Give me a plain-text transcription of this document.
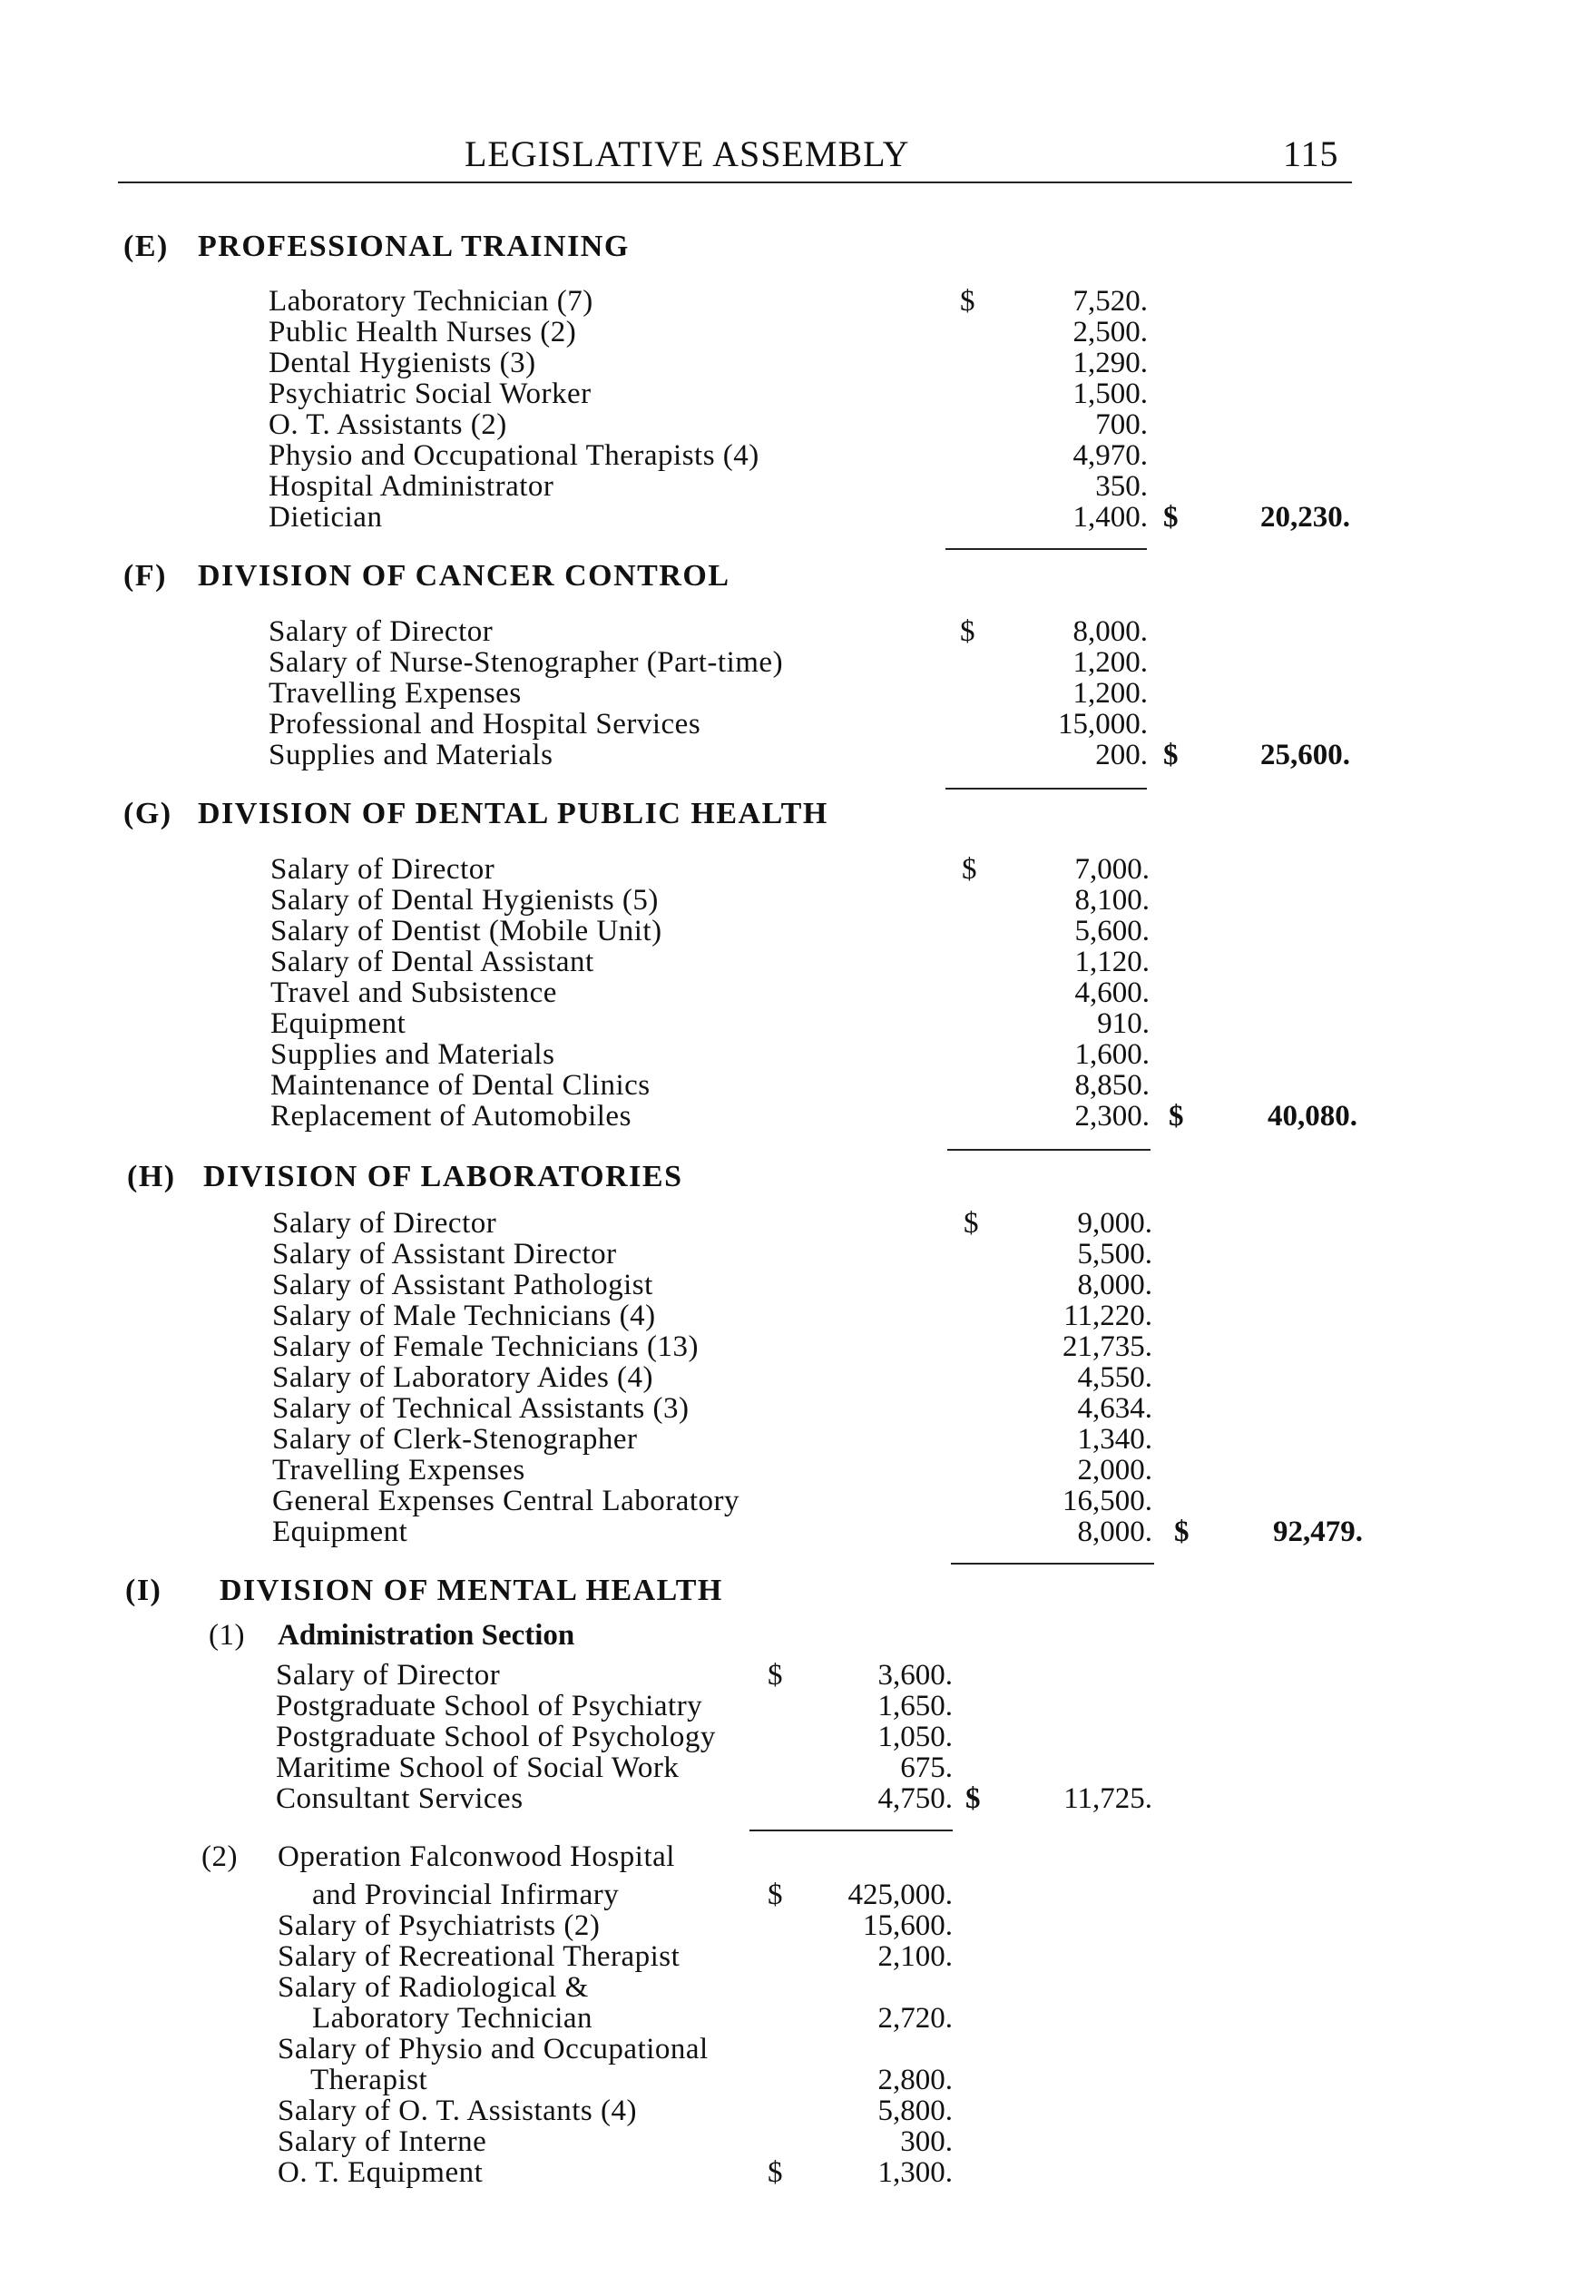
LEGISLATIVE ASSEMBLY	115
(E) PROFESSIONAL TRAINING
Laboratory Technician (7)	$	7,520.
Public Health Nurses (2)	2,500.
Dental Hygienists (3)	1,290.
Psychiatric Social Worker	1,500.
O. T. Assistants (2)	700.
Physio and Occupational Therapists (4)	4,970.
Hospital Administrator	350.
Dietician	1,400. $	20,230.
(F) DIVISION OF CANCER CONTROL
Salary of Director	$	8,000.
Salary of Nurse-Stenographer (Part-time)	1,200.
Travelling Expenses	1,200.
Professional and Hospital Services	15,000.
Supplies and Materials	200. $	25,600.
(G) DIVISION OF DENTAL PUBLIC HEALTH
Salary of Director	$	7,000.
Salary of Dental Hygienists (5)	8,100.
Salary of Dentist (Mobile Unit)	5,600.
Salary of Dental Assistant	1,120.
Travel and Subsistence	4,600.
Equipment	910.
Supplies and Materials	1,600.
Maintenance of Dental Clinics	8,850.
Replacement of Automobiles	2,300. $	40,080.
(H) DIVISION OF LABORATORIES
Salary of Director	$	9,000.
Salary of Assistant Director	5,500.
Salary of Assistant Pathologist	8,000.
Salary of Male Technicians (4)	11,220.
Salary of Female Technicians (13)	21,735.
Salary of Laboratory Aides (4)	4,550.
Salary of Technical Assistants (3)	4,634.
Salary of Clerk-Stenographer	1,340.
Travelling Expenses	2,000.
General Expenses Central Laboratory	16,500.
Equipment	8,000. $	92,479.
(I) DIVISION OF MENTAL HEALTH
(1) Administration Section
Salary of Director	$	3,600.
Postgraduate School of Psychiatry	1,650.
Postgraduate School of Psychology	1,050.
Maritime School of Social Work	675.
Consultant Services	4,750. $	11,725.
(2) Operation Falconwood Hospital
and Provincial Infirmary	$	425,000.
Salary of Psychiatrists (2)	15,600.
Salary of Recreational Therapist	2,100.
Salary of Radiological &
Laboratory Technician	2,720.
Salary of Physio and Occupational
Therapist	2,800.
Salary of O. T. Assistants (4)	5,800.
Salary of Interne	300.
O. T. Equipment	$	1,300.
